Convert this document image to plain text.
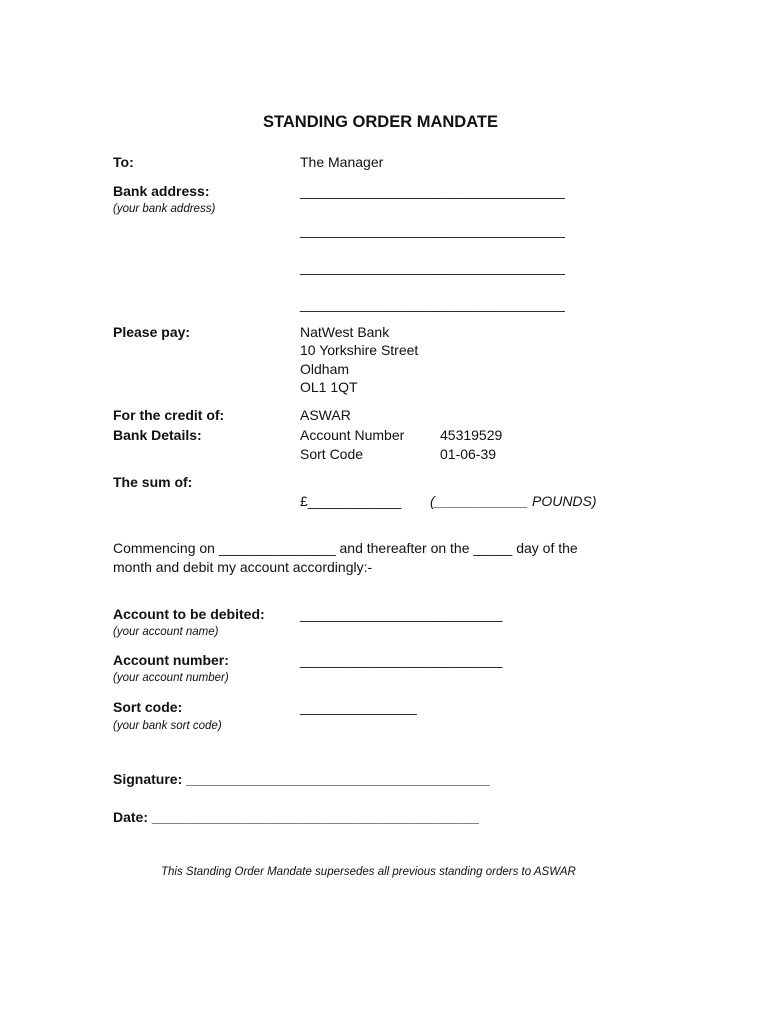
STANDING ORDER MANDATE
To:	The Manager
Bank address:
(your bank address)
__________________________________
__________________________________
__________________________________
__________________________________
Please pay:	NatWest Bank
10 Yorkshire Street
Oldham
OL1 1QT
For the credit of:	ASWAR
Bank Details:	Account Number	45319529
Sort Code	01-06-39
The sum of:
£____________ (____________ POUNDS)
Commencing on _______________ and thereafter on the _____ day of the
month and debit my account accordingly:-
Account to be debited:
(your account name)
__________________________
Account number:
(your account number)
__________________________
Sort code:
(your bank sort code)
_______________
Signature: _______________________________________
Date: __________________________________________
This Standing Order Mandate supersedes all previous standing orders to ASWAR
